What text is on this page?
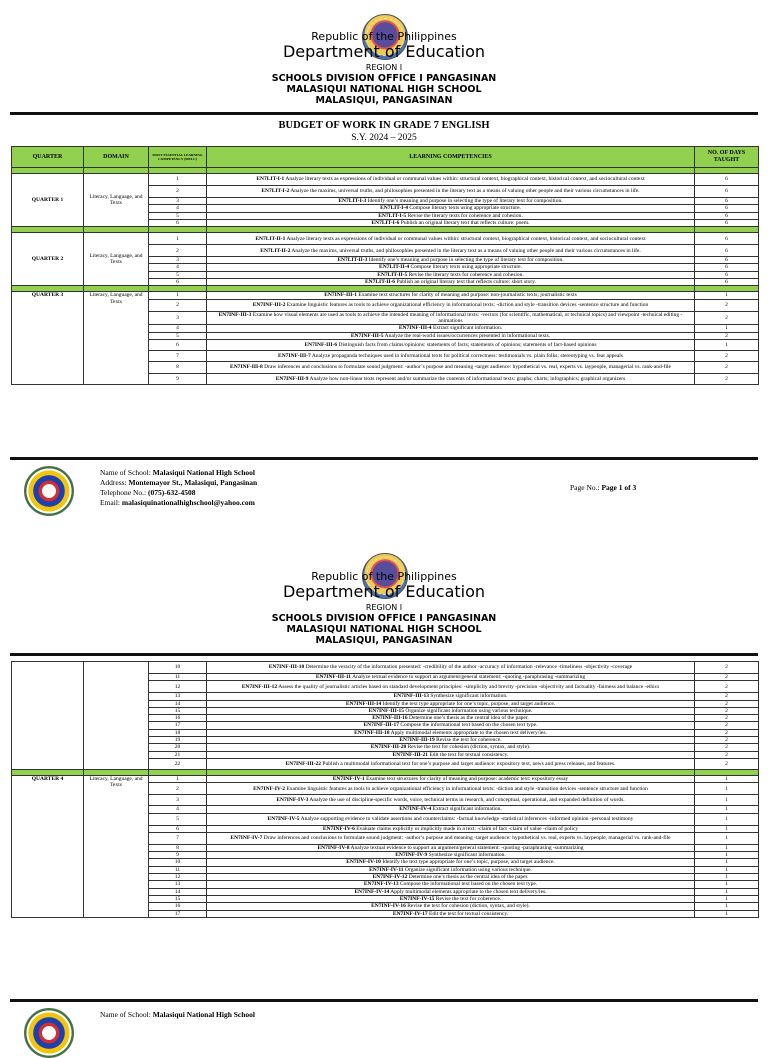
Republic of the Philippines
Department of Education
REGION I
SCHOOLS DIVISION OFFICE I PANGASINAN
MALASIQUI NATIONAL HIGH SCHOOL
MALASIQUI, PANGASINAN
BUDGET OF WORK IN GRADE 7 ENGLISH
S.Y. 2024 – 2025
QUARTER	DOMAIN	MOST ESSENTIAL LEARNING COMPETENCY (MELC)	LEARNING COMPETENCIES	NO. OF DAYS TAUGHT

QUARTER 1	Literacy, Language, and Texts	1	EN7LIT-I-1 Analyze literary texts as expressions of individual or communal values within: structural context, biographical context, historical context, and sociocultural context	6
		2	EN7LIT-I-2 Analyze the maxims, universal truths, and philosophies presented in the literary text as a means of valuing other people and their various circumstances in life.	6
		3	EN7LIT-I-3 Identify one’s meaning and purpose in selecting the type of literary text for composition.	6
		4	EN7LIT-I-4 Compose literary texts using appropriate structure.	6
		5	EN7LIT-I-5 Revise the literary texts for coherence and cohesion.	6
		6	EN7LIT-I-6 Publish an original literary text that reflects culture: poem.	6

QUARTER 2	Literacy, Language, and Texts	1	EN7LIT-II-1 Analyze literary texts as expressions of individual or communal values within: structural context, biographical context, historical context, and sociocultural context	6
		2	EN7LIT-II-2 Analyze the maxims, universal truths, and philosophies presented in the literary text as a means of valuing other people and their various circumstances in life.	6
		3	EN7LIT-II-3 Identify one’s meaning and purpose in selecting the type of literary text for composition.	6
		4	EN7LIT-II-4 Compose literary texts using appropriate structure.	6
		5	EN7LIT-II-5 Revise the literary texts for coherence and cohesion.	6
		6	EN7LIT-II-6 Publish an original literary text that reflects culture: short story.	6

QUARTER 3	Literacy, Language, and Texts	1	EN7INF-III-1 Examine text structures for clarity of meaning and purpose: non-journalistic texts; journalistic texts	1
		2	EN7INF-III-2 Examine linguistic features as tools to achieve organizational efficiency in informational texts: -diction and style -transition devices -sentence structure and function	2
		3	EN7INF-III-3 Examine how visual elements are used as tools to achieve the intended meaning of informational texts: -vectors (for scientific, mathematical, or technical topics) and viewpoint -technical editing -animations	2
		4	EN7INF-III-4 Extract significant information.	1
		5	EN7INF-III-5 Analyze the real-world issues/occurrences presented in informational texts.	2
		6	EN7INF-III-6 Distinguish facts from claims/opinions: statements of facts; statements of opinions; statements of fact-based opinions	1
		7	EN7INF-III-7 Analyze propaganda techniques used in informational texts for political correctness: testimonials vs. plain folks; stereotyping vs. fear appeals	2
		8	EN7INF-III-8 Draw inferences and conclusions to formulate sound judgment: -author’s purpose and meaning -target audience: hypothetical vs. real, experts vs. laypeople, managerial vs. rank-and-file	2
		9	EN7INF-III-9 Analyze how non-linear texts represent and/or summarize the contents of informational texts: graphs; charts; infographics; graphical organizers	2
Name of School: Malasiqui National High School
Address: Montemayor St., Malasiqui, Pangasinan
Telephone No.: (075)-632-4508
Email: malasiquinationalhighschool@yahoo.com
Page No.: Page 1 of 3
Republic of the Philippines
Department of Education
REGION I
SCHOOLS DIVISION OFFICE I PANGASINAN
MALASIQUI NATIONAL HIGH SCHOOL
MALASIQUI, PANGASINAN
		10	EN7INF-III-10 Determine the veracity of the information presented: -credibility of the author -accuracy of information -relevance -timeliness -objectivity -coverage	2
		11	EN7INF-III-11 Analyze textual evidence to support an argument/general statement: -quoting -paraphrasing -summarizing	2
		12	EN7INF-III-12 Assess the quality of journalistic articles based on standard development principles: -simplicity and brevity -precision -objectivity and factuality -fairness and balance -ethics	2
		13	EN7INF-III-13 Synthesize significant information.	2
		14	EN7INF-III-14 Identify the text type appropriate for one’s topic, purpose, and target audience.	2
		15	EN7INF-III-15 Organize significant information using various technique.	2
		16	EN7INF-III-16 Determine one’s thesis as the central idea of the paper.	2
		17	EN7INF-III-17 Compose the informational text based on the chosen text type.	2
		18	EN7INF-III-18 Apply multimodal elements appropriate to the chosen text delivery/ies.	2
		19	EN7INF-III-19 Revise the text for coherence.	2
		20	EN7INF-III-20 Revise the text for cohesion (diction, syntax, and style).	2
		21	EN7INF-III-21 Edit the text for textual consistency.	2
		22	EN7INF-III-22 Publish a multimodal informational text for one’s purpose and target audience: expository text, news and press releases, and features.	2

QUARTER 4	Literacy, Language, and Texts	1	EN7INF-IV-1 Examine text structures for clarity of meaning and purpose: academic text: expository essay	1
		2	EN7INF-IV-2 Examine linguistic features as tools to achieve organizational efficiency in informational texts: -diction and style -transition devices -sentence structure and function	1
		3	EN7INF-IV-3 Analyze the use of discipline-specific words, voice, technical terms in research, and conceptual, operational, and expanded definition of words.	1
		4	EN7INF-IV-4 Extract significant information.	1
		5	EN7INF-IV-5 Analyze supporting evidence to validate assertions and counterclaims: -factual knowledge -statistical inferences -informed opinion -personal testimony	1
		6	EN7INF-IV-6 Evaluate claims explicitly or implicitly made in a text: -claim of fact -claim of value -claim of policy	1
		7	EN7INF-IV-7 Draw inferences and conclusions to formulate sound judgment: -author’s purpose and meaning -target audience: hypothetical vs. real, experts vs. laypeople, managerial vs. rank-and-file	1
		8	EN7INF-IV-8 Analyze textual evidence to support an argument/general statement: -quoting -paraphrasing -summarizing	1
		9	EN7INF-IV-9 Synthesize significant information.	1
		10	EN7INF-IV-10 Identify the text type appropriate for one’s topic, purpose, and target audience.	1
		11	EN7INF-IV-11 Organize significant information using various technique.	1
		12	EN7INF-IV-12 Determine one’s thesis as the central idea of the paper.	1
		13	EN7INF-IV-13 Compose the informational text based on the chosen text type.	1
		14	EN7INF-IV-14 Apply multimodal elements appropriate to the chosen text delivery/ies.	1
		15	EN7INF-IV-15 Revise the text for coherence.	1
		16	EN7INF-IV-16 Revise the text for cohesion (diction, syntax, and style).	1
		17	EN7INF-IV-17 Edit the text for textual consistency.	1
Name of School: Malasiqui National High School
